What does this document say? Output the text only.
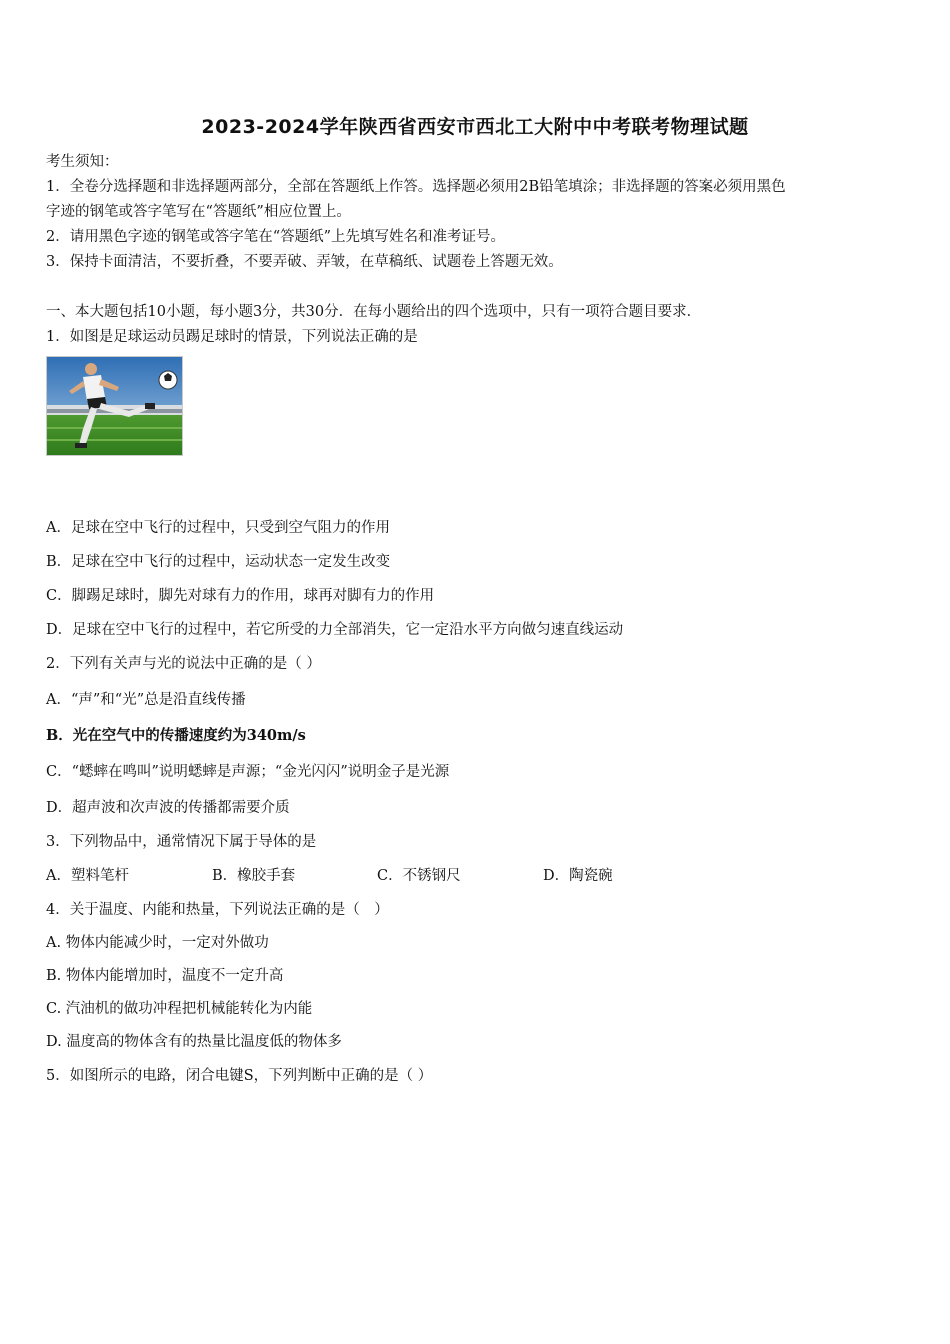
2023-2024学年陕西省西安市西北工大附中中考联考物理试题
考生须知：
1．全卷分选择题和非选择题两部分，全部在答题纸上作答。选择题必须用2B铅笔填涂；非选择题的答案必须用黑色
字迹的钢笔或答字笔写在“答题纸”相应位置上。
2．请用黑色字迹的钢笔或答字笔在“答题纸”上先填写姓名和准考证号。
3．保持卡面清洁，不要折叠，不要弄破、弄皱，在草稿纸、试题卷上答题无效。
一、本大题包括10小题，每小题3分，共30分．在每小题给出的四个选项中，只有一项符合题目要求．
1．如图是足球运动员踢足球时的情景，下列说法正确的是
A．足球在空中飞行的过程中，只受到空气阻力的作用
B．足球在空中飞行的过程中，运动状态一定发生改变
C．脚踢足球时，脚先对球有力的作用，球再对脚有力的作用
D．足球在空中飞行的过程中，若它所受的力全部消失，它一定沿水平方向做匀速直线运动
2．下列有关声与光的说法中正确的是（ ）
A．“声”和“光”总是沿直线传播
B．光在空气中的传播速度约为340m/s
C．“蟋蟀在鸣叫”说明蟋蟀是声源；“金光闪闪”说明金子是光源
D．超声波和次声波的传播都需要介质
3．下列物品中，通常情况下属于导体的是
A．塑料笔杆	B．橡胶手套	C．不锈钢尺	D．陶瓷碗
4．关于温度、内能和热量，下列说法正确的是（　）
A. 物体内能减少时，一定对外做功
B. 物体内能增加时，温度不一定升高
C. 汽油机的做功冲程把机械能转化为内能
D. 温度高的物体含有的热量比温度低的物体多
5．如图所示的电路，闭合电键S，下列判断中正确的是（ ）
